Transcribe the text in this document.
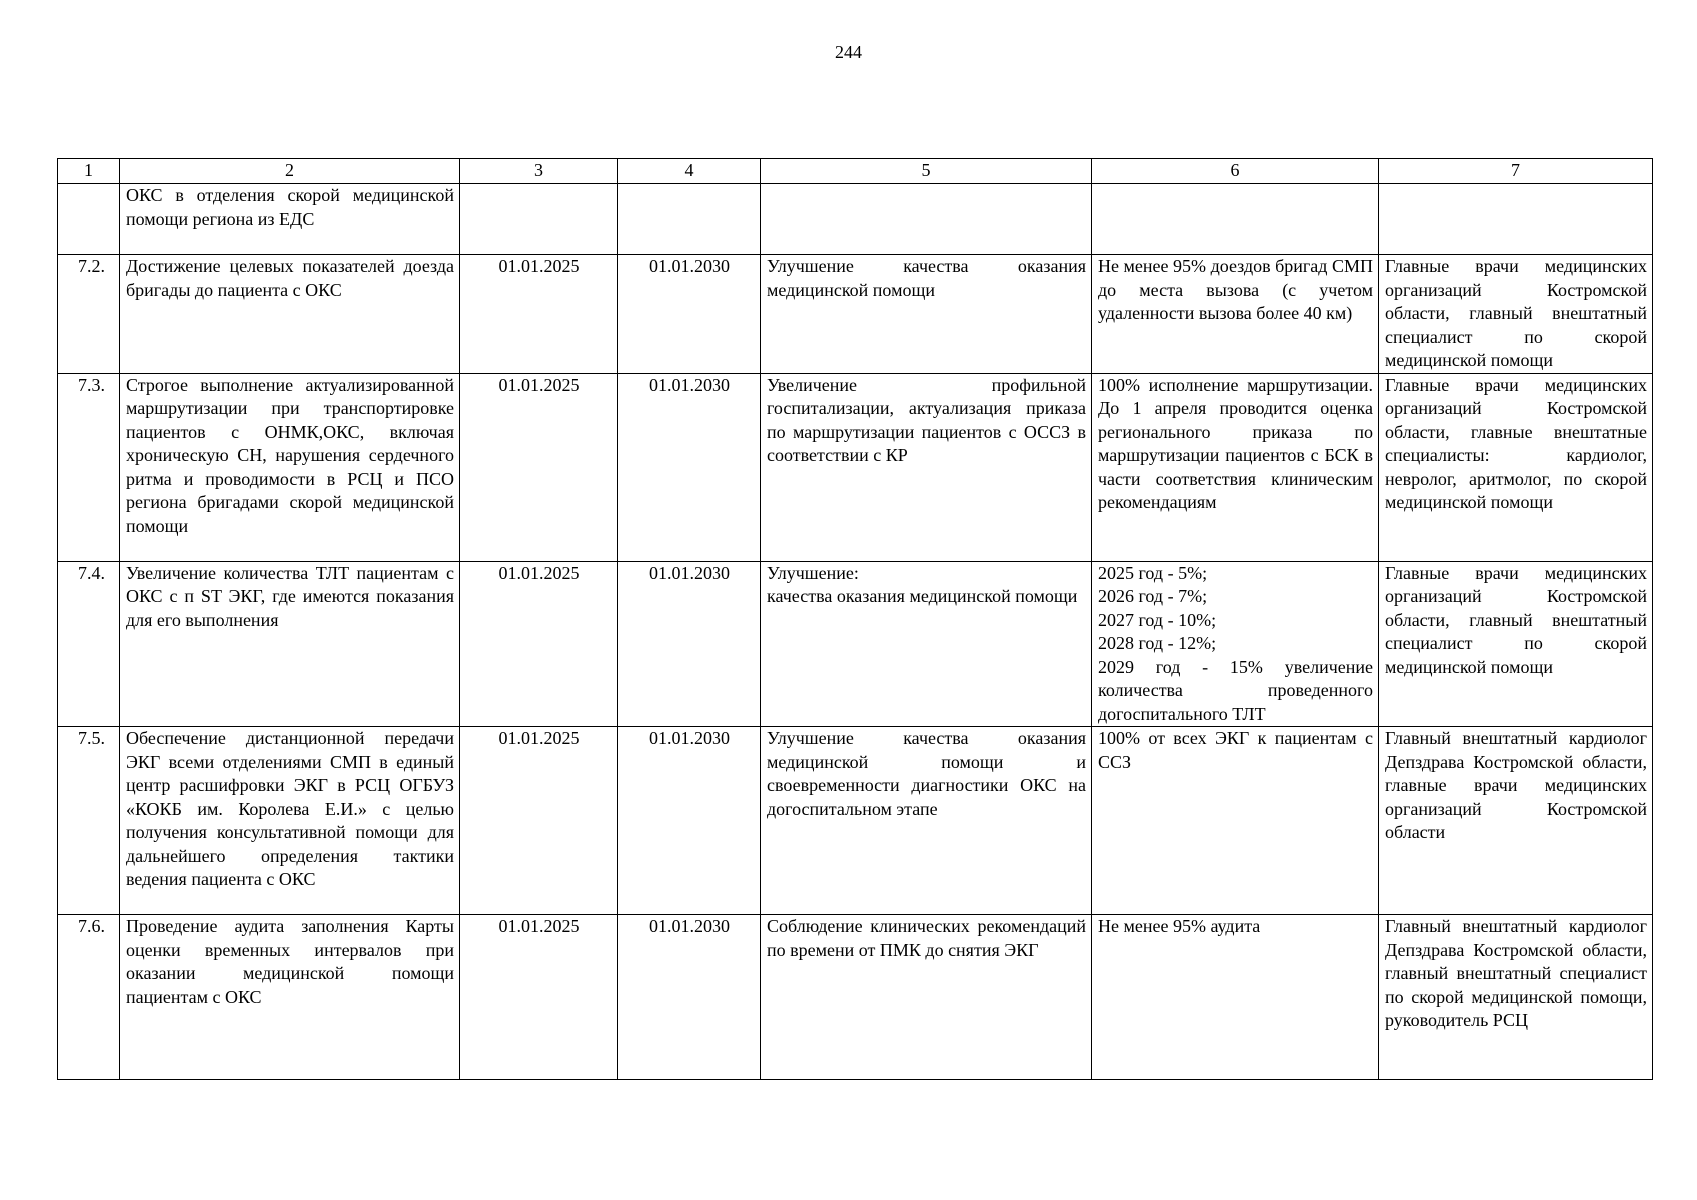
244
1	2	3	4	5	6	7
	ОКС в отделения скорой медицинской помощи региона из ЕДС					
7.2.	Достижение целевых показателей доезда бригады до пациента с ОКС	01.01.2025	01.01.2030	Улучшение качества оказания медицинской помощи	Не менее 95% доездов бригад СМП до места вызова (с учетом удаленности вызова более 40 км)	Главные врачи медицинских организаций Костромской области, главный внештатный специалист по скорой медицинской помощи
7.3.	Строгое выполнение актуализированной маршрутизации при транспортировке пациентов с ОНМК,ОКС, включая хроническую СН, нарушения сердечного ритма и проводимости в РСЦ и ПСО региона бригадами скорой медицинской помощи	01.01.2025	01.01.2030	Увеличение профильной госпитализации, актуализация приказа по маршрутизации пациентов с ОССЗ в соответствии с КР	100% исполнение маршрутизации. До 1 апреля проводится оценка регионального приказа по маршрутизации пациентов с БСК в части соответствия клиническим рекомендациям	Главные врачи медицинских организаций Костромской области, главные внештатные специалисты: кардиолог, невролог, аритмолог, по скорой медицинской помощи
7.4.	Увеличение количества ТЛТ пациентам с ОКС с п ST ЭКГ, где имеются показания для его выполнения	01.01.2025	01.01.2030	Улучшение:
качества оказания медицинской помощи	2025 год - 5%;
2026 год - 7%;
2027 год - 10%;
2028 год - 12%;
2029 год - 15% увеличение количества проведенного догоспитального ТЛТ	Главные врачи медицинских организаций Костромской области, главный внештатный специалист по скорой медицинской помощи
7.5.	Обеспечение дистанционной передачи ЭКГ всеми отделениями СМП в единый центр расшифровки ЭКГ в РСЦ ОГБУЗ «КОКБ им. Королева Е.И.» с целью получения консультативной помощи для дальнейшего определения тактики ведения пациента с ОКС	01.01.2025	01.01.2030	Улучшение качества оказания медицинской помощи и своевременности диагностики ОКС на догоспитальном этапе	100% от всех ЭКГ к пациентам с ССЗ	Главный внештатный кардиолог Депздрава Костромской области, главные врачи медицинских организаций Костромской области
7.6.	Проведение аудита заполнения Карты оценки временных интервалов при оказании медицинской помощи пациентам с ОКС	01.01.2025	01.01.2030	Соблюдение клинических рекомендаций по времени от ПМК до снятия ЭКГ	Не менее 95% аудита	Главный внештатный кардиолог Депздрава Костромской области, главный внештатный специалист по скорой медицинской помощи, руководитель РСЦ
